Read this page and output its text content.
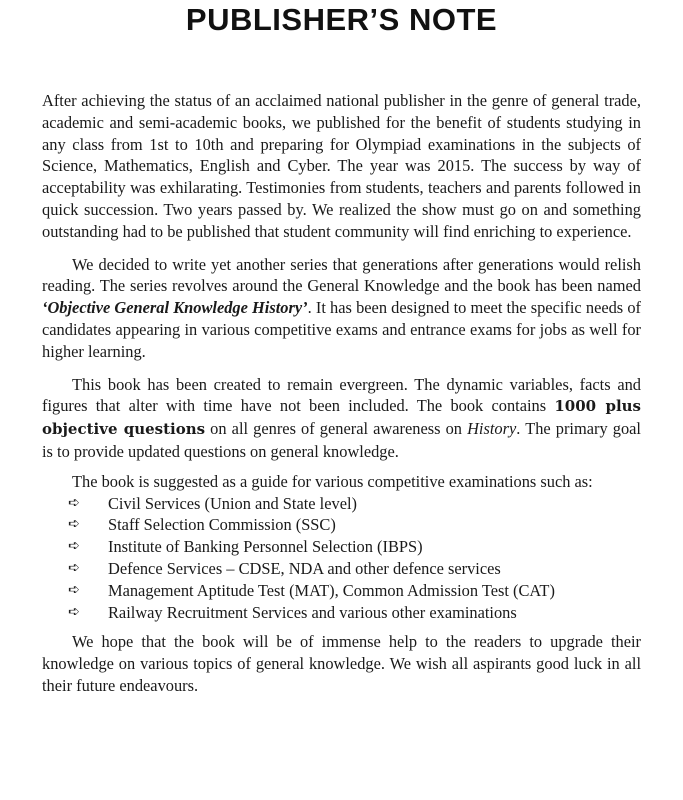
PUBLISHER’S NOTE

After achieving the status of an acclaimed national publisher in the genre of general trade, academic and semi-academic books, we published for the benefit of students studying in any class from 1st to 10th and preparing for Olympiad examinations in the subjects of Science, Mathematics, English and Cyber. The year was 2015. The success by way of acceptability was exhilarating. Testimonies from students, teachers and parents followed in quick succession. Two years passed by. We realized the show must go on and something outstanding had to be published that student community will find enriching to experience.

We decided to write yet another series that generations after generations would relish reading. The series revolves around the General Knowledge and the book has been named ‘Objective General Knowledge History’. It has been designed to meet the specific needs of candidates appearing in various competitive exams and entrance exams for jobs as well for higher learning.

This book has been created to remain evergreen. The dynamic variables, facts and figures that alter with time have not been included. The book contains 1000 plus objective questions on all genres of general awareness on History. The primary goal is to provide updated questions on general knowledge.

The book is suggested as a guide for various competitive examinations such as:

➪	Civil Services (Union and State level)
➪	Staff Selection Commission (SSC)
➪	Institute of Banking Personnel Selection (IBPS)
➪	Defence Services – CDSE, NDA and other defence services
➪	Management Aptitude Test (MAT), Common Admission Test (CAT)
➪	Railway Recruitment Services and various other examinations

We hope that the book will be of immense help to the readers to upgrade their knowledge on various topics of general knowledge. We wish all aspirants good luck in all their future endeavours.
